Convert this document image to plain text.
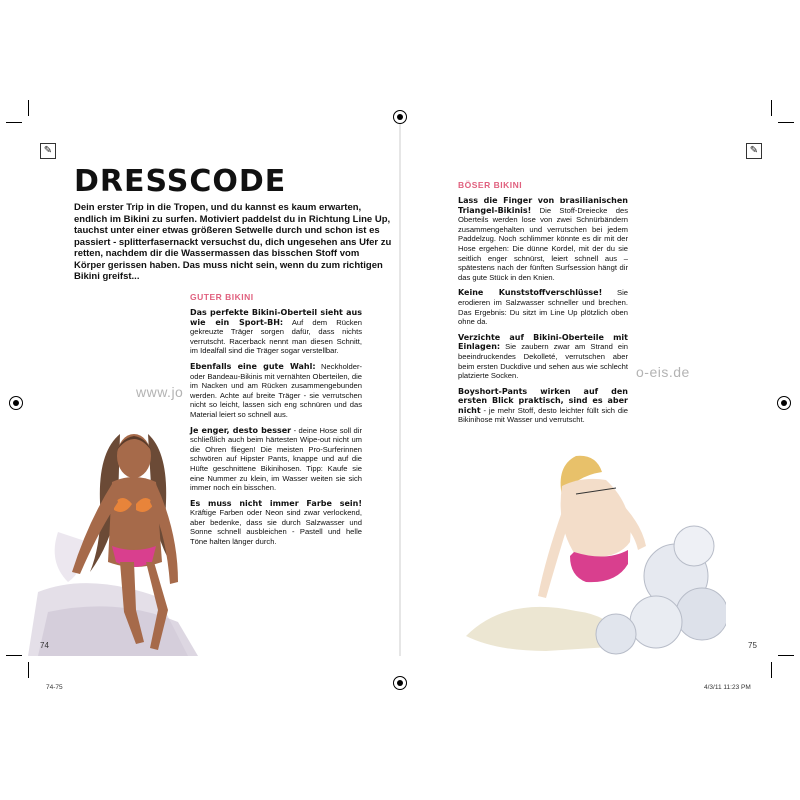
✎
DRESSCODE

Dein erster Trip in die Tropen, und du kannst es kaum erwarten, endlich im Bikini zu surfen. Motiviert paddelst du in Richtung Line Up, tauchst unter einer etwas größeren Setwelle durch und schon ist es passiert - splitterfasernackt versuchst du, dich ungesehen ans Ufer zu retten, nachdem dir die Wassermassen das bisschen Stoff vom Körper gerissen haben. Das muss nicht sein, wenn du zum richtigen Bikini greifst...

GUTER BIKINI

Das perfekte Bikini-Oberteil sieht aus wie ein Sport-BH: Auf dem Rücken gekreuzte Träger sorgen dafür, dass nichts verrutscht. Racerback nennt man diesen Schnitt, im Idealfall sind die Träger sogar verstellbar.

Ebenfalls eine gute Wahl: Neckholder- oder Bandeau-Bikinis mit vernähten Oberteilen, die im Nacken und am Rücken zusammengebunden werden. Achte auf breite Träger - sie verrutschen nicht so leicht, lassen sich eng schnüren und das Material leiert so schnell aus.

Je enger, desto besser - deine Hose soll dir schließlich auch beim härtesten Wipe-out nicht um die Ohren fliegen! Die meisten Pro-Surferinnen schwören auf Hipster Pants, knappe und auf die Hüfte geschnittene Bikinihosen. Tipp: Kaufe sie eine Nummer zu klein, im Wasser weiten sie sich immer noch ein bisschen.

Es muss nicht immer Farbe sein! Kräftige Farben oder Neon sind zwar verlockend, aber bedenke, dass sie durch Salzwasser und Sonne schnell ausbleichen - Pastell und helle Töne halten länger durch.

www.jo
74
✎

BÖSER BIKINI

Lass die Finger von brasilianischen Triangel-Bikinis! Die Stoff-Dreiecke des Oberteils werden lose von zwei Schnürbändern zusammengehalten und verrutschen bei jedem Paddelzug. Noch schlimmer könnte es dir mit der Hose ergehen: Die dünne Kordel, mit der du sie seitlich enger schnürst, leiert schnell aus – spätestens nach der fünften Surfsession hängt dir das gute Stück in den Knien.

Keine Kunststoffverschlüsse! Sie erodieren im Salzwasser schneller und brechen. Das Ergebnis: Du sitzt im Line Up plötzlich oben ohne da.

Verzichte auf Bikini-Oberteile mit Einlagen: Sie zaubern zwar am Strand ein beeindruckendes Dekolleté, verrutschen aber beim ersten Duckdive und sehen aus wie schlecht platzierte Socken.

Boyshort-Pants wirken auf den ersten Blick praktisch, sind es aber nicht - je mehr Stoff, desto leichter füllt sich die Bikinihose mit Wasser und verrutscht.

o-eis.de
75
74-75	4/3/11 11:23 PM
